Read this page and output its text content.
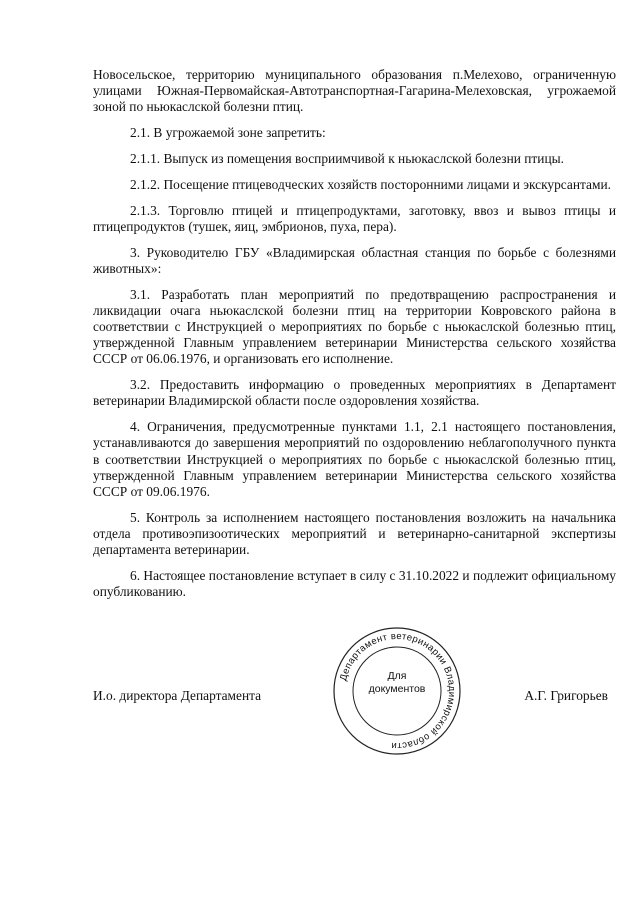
Новосельское, территорию муниципального образования п.Мелехово, ограниченную улицами Южная-Первомайская-Автотранспортная-Гагарина-Мелеховская, угрожаемой зоной по ньюкаслской болезни птиц.

2.1. В угрожаемой зоне запретить:

2.1.1. Выпуск из помещения восприимчивой к ньюкаслской болезни птицы.

2.1.2. Посещение птицеводческих хозяйств посторонними лицами и экскурсантами.

2.1.3. Торговлю птицей и птицепродуктами, заготовку, ввоз и вывоз птицы и птицепродуктов (тушек, яиц, эмбрионов, пуха, пера).

3. Руководителю ГБУ «Владимирская областная станция по борьбе с болезнями животных»:

3.1. Разработать план мероприятий по предотвращению распространения и ликвидации очага ньюкаслской болезни птиц на территории Ковровского района в соответствии с Инструкцией о мероприятиях по борьбе с ньюкаслской болезнью птиц, утвержденной Главным управлением ветеринарии Министерства сельского хозяйства СССР от 06.06.1976, и организовать его исполнение.

3.2. Предоставить информацию о проведенных мероприятиях в Департамент ветеринарии Владимирской области после оздоровления хозяйства.

4. Ограничения, предусмотренные пунктами 1.1, 2.1 настоящего постановления, устанавливаются до завершения мероприятий по оздоровлению неблагополучного пункта в соответствии Инструкцией о мероприятиях по борьбе с ньюкаслской болезнью птиц, утвержденной Главным управлением ветеринарии Министерства сельского хозяйства СССР от 09.06.1976.

5. Контроль за исполнением настоящего постановления возложить на начальника отдела противоэпизоотических мероприятий и ветеринарно-санитарной экспертизы департамента ветеринарии.

6. Настоящее постановление вступает в силу с 31.10.2022 и подлежит официальному опубликованию.

И.о. директора Департамента	А.Г. Григорьев
Департамент ветеринарии Владимирской области
Для
документов
